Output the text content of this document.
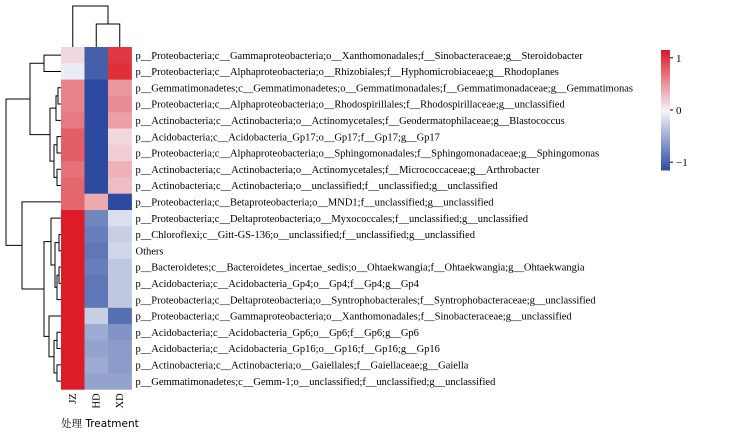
p__Proteobacteria;c__Gammaproteobacteria;o__Xanthomonadales;f__Sinobacteraceae;g__Steroidobacter
p__Proteobacteria;c__Alphaproteobacteria;o__Rhizobiales;f__Hyphomicrobiaceae;g__Rhodoplanes
p__Gemmatimonadetes;c__Gemmatimonadetes;o__Gemmatimonadales;f__Gemmatimonadaceae;g__Gemmatimonas
p__Proteobacteria;c__Alphaproteobacteria;o__Rhodospirillales;f__Rhodospirillaceae;g__unclassified
p__Actinobacteria;c__Actinobacteria;o__Actinomycetales;f__Geodermatophilaceae;g__Blastococcus
p__Acidobacteria;c__Acidobacteria_Gp17;o__Gp17;f__Gp17;g__Gp17
p__Proteobacteria;c__Alphaproteobacteria;o__Sphingomonadales;f__Sphingomonadaceae;g__Sphingomonas
p__Actinobacteria;c__Actinobacteria;o__Actinomycetales;f__Micrococcaceae;g__Arthrobacter
p__Actinobacteria;c__Actinobacteria;o__unclassified;f__unclassified;g__unclassified
p__Proteobacteria;c__Betaproteobacteria;o__MND1;f__unclassified;g__unclassified
p__Proteobacteria;c__Deltaproteobacteria;o__Myxococcales;f__unclassified;g__unclassified
p__Chloroflexi;c__Gitt-GS-136;o__unclassified;f__unclassified;g__unclassified
Others
p__Bacteroidetes;c__Bacteroidetes_incertae_sedis;o__Ohtaekwangia;f__Ohtaekwangia;g__Ohtaekwangia
p__Acidobacteria;c__Acidobacteria_Gp4;o__Gp4;f__Gp4;g__Gp4
p__Proteobacteria;c__Deltaproteobacteria;o__Syntrophobacterales;f__Syntrophobacteraceae;g__unclassified
p__Proteobacteria;c__Gammaproteobacteria;o__Xanthomonadales;f__Sinobacteraceae;g__unclassified
p__Acidobacteria;c__Acidobacteria_Gp6;o__Gp6;f__Gp6;g__Gp6
p__Acidobacteria;c__Acidobacteria_Gp16;o__Gp16;f__Gp16;g__Gp16
p__Actinobacteria;c__Actinobacteria;o__Gaiellales;f__Gaiellaceae;g__Gaiella
p__Gemmatimonadetes;c__Gemm-1;o__unclassified;f__unclassified;g__unclassified
JZ HD XD
处理 Treatment
1
0
−1
